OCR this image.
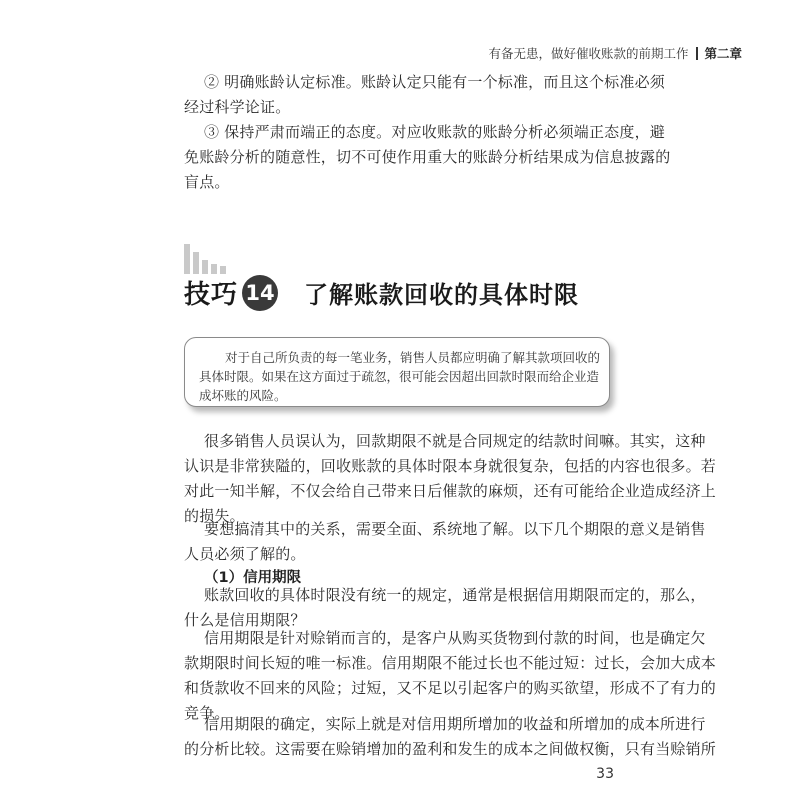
有备无患，做好催收账款的前期工作 第二章
② 明确账龄认定标准。账龄认定只能有一个标准，而且这个标准必须
经过科学论证。
③ 保持严肃而端正的态度。对应收账款的账龄分析必须端正态度，避
免账龄分析的随意性，切不可使作用重大的账龄分析结果成为信息披露的
盲点。
技巧 14 了解账款回收的具体时限
对于自己所负责的每一笔业务，销售人员都应明确了解其款项回收的
具体时限。如果在这方面过于疏忽，很可能会因超出回款时限而给企业造
成坏账的风险。
很多销售人员误认为，回款期限不就是合同规定的结款时间嘛。其实，这种
认识是非常狭隘的，回收账款的具体时限本身就很复杂，包括的内容也很多。若
对此一知半解，不仅会给自己带来日后催款的麻烦，还有可能给企业造成经济上
的损失。
要想搞清其中的关系，需要全面、系统地了解。以下几个期限的意义是销售
人员必须了解的。
（1）信用期限
账款回收的具体时限没有统一的规定，通常是根据信用期限而定的，那么，
什么是信用期限？
信用期限是针对赊销而言的，是客户从购买货物到付款的时间，也是确定欠
款期限时间长短的唯一标准。信用期限不能过长也不能过短：过长，会加大成本
和货款收不回来的风险；过短，又不足以引起客户的购买欲望，形成不了有力的
竞争。
信用期限的确定，实际上就是对信用期所增加的收益和所增加的成本所进行
的分析比较。这需要在赊销增加的盈利和发生的成本之间做权衡，只有当赊销所
33
